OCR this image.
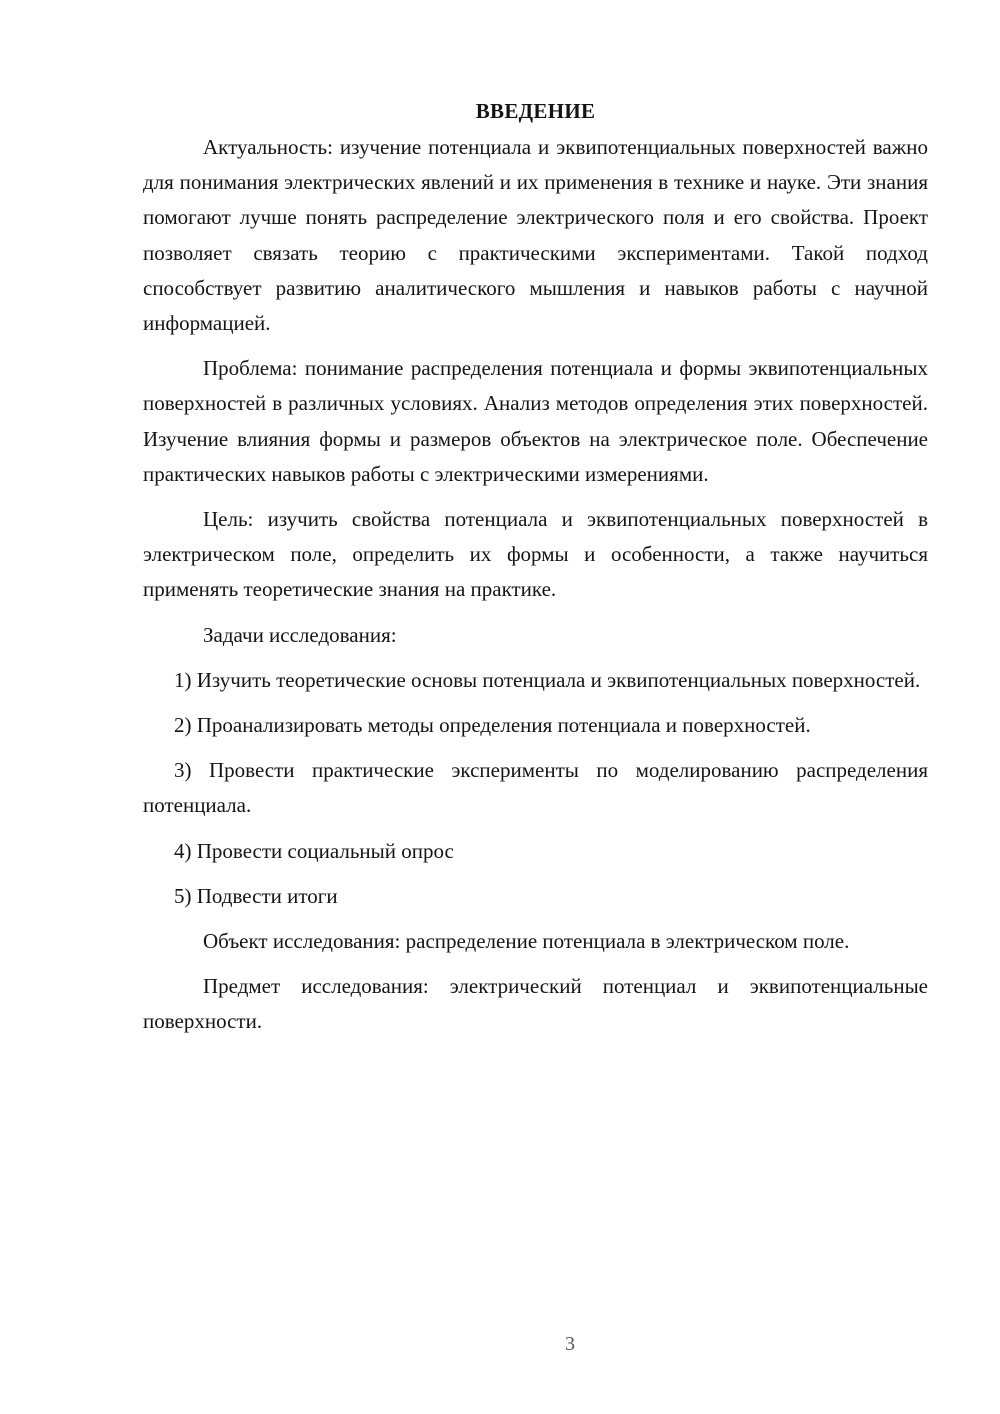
ВВЕДЕНИЕ

Актуальность: изучение потенциала и эквипотенциальных поверхностей важно для понимания электрических явлений и их применения в технике и науке. Эти знания помогают лучше понять распределение электрического поля и его свойства. Проект позволяет связать теорию с практическими экспериментами. Такой подход способствует развитию аналитического мышления и навыков работы с научной информацией.

Проблема: понимание распределения потенциала и формы эквипотенциальных поверхностей в различных условиях. Анализ методов определения этих поверхностей. Изучение влияния формы и размеров объектов на электрическое поле. Обеспечение практических навыков работы с электрическими измерениями.

Цель: изучить свойства потенциала и эквипотенциальных поверхностей в электрическом поле, определить их формы и особенности, а также научиться применять теоретические знания на практике.

Задачи исследования:

1) Изучить теоретические основы потенциала и эквипотенциальных поверхностей.

2) Проанализировать методы определения потенциала и поверхностей.

3) Провести практические эксперименты по моделированию распределения потенциала.

4) Провести социальный опрос

5) Подвести итоги

Объект исследования: распределение потенциала в электрическом поле.

Предмет исследования: электрический потенциал и эквипотенциальные поверхности.

3
